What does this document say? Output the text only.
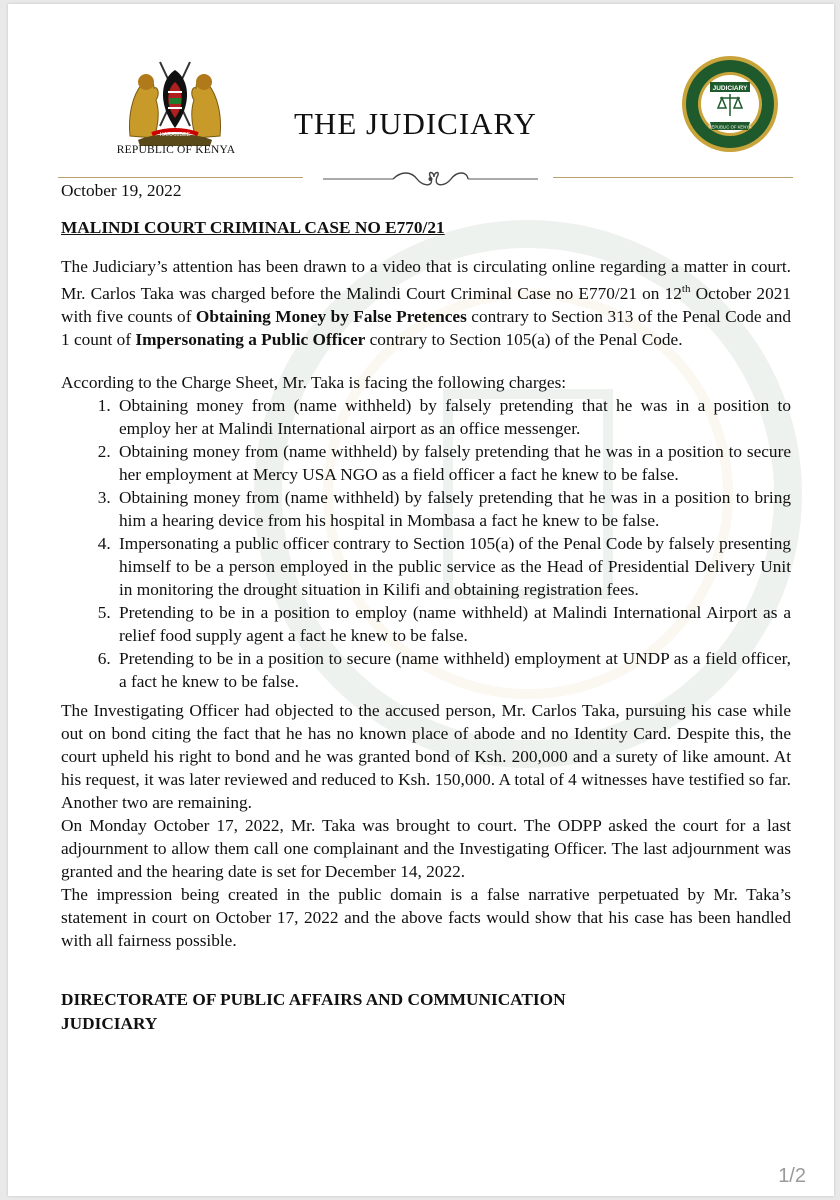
HARAMBEE
REPUBLIC OF KENYA
THE JUDICIARY
JUDICIARY
REPUBLIC OF KENYA

October 19, 2022

MALINDI COURT CRIMINAL CASE NO E770/21

The Judiciary’s attention has been drawn to a video that is circulating online regarding a matter in court. Mr. Carlos Taka was charged before the Malindi Court Criminal Case no E770/21 on 12th October 2021 with five counts of Obtaining Money by False Pretences contrary to Section 313 of the Penal Code and 1 count of Impersonating a Public Officer contrary to Section 105(a) of the Penal Code.

According to the Charge Sheet, Mr. Taka is facing the following charges:

1. Obtaining money from (name withheld) by falsely pretending that he was in a position to employ her at Malindi International airport as an office messenger.
2. Obtaining money from (name withheld) by falsely pretending that he was in a position to secure her employment at Mercy USA NGO as a field officer a fact he knew to be false.
3. Obtaining money from (name withheld) by falsely pretending that he was in a position to bring him a hearing device from his hospital in Mombasa a fact he knew to be false.
4. Impersonating a public officer contrary to Section 105(a) of the Penal Code by falsely presenting himself to be a person employed in the public service as the Head of Presidential Delivery Unit in monitoring the drought situation in Kilifi and obtaining registration fees.
5. Pretending to be in a position to employ (name withheld) at Malindi International Airport as a relief food supply agent a fact he knew to be false.
6. Pretending to be in a position to secure (name withheld) employment at UNDP as a field officer, a fact he knew to be false.

The Investigating Officer had objected to the accused person, Mr. Carlos Taka, pursuing his case while out on bond citing the fact that he has no known place of abode and no Identity Card. Despite this, the court upheld his right to bond and he was granted bond of Ksh. 200,000 and a surety of like amount. At his request, it was later reviewed and reduced to Ksh. 150,000. A total of 4 witnesses have testified so far. Another two are remaining.

On Monday October 17, 2022, Mr. Taka was brought to court. The ODPP asked the court for a last adjournment to allow them call one complainant and the Investigating Officer. The last adjournment was granted and the hearing date is set for December 14, 2022.

The impression being created in the public domain is a false narrative perpetuated by Mr. Taka’s statement in court on October 17, 2022 and the above facts would show that his case has been handled with all fairness possible.

DIRECTORATE OF PUBLIC AFFAIRS AND COMMUNICATION
JUDICIARY
1/2
